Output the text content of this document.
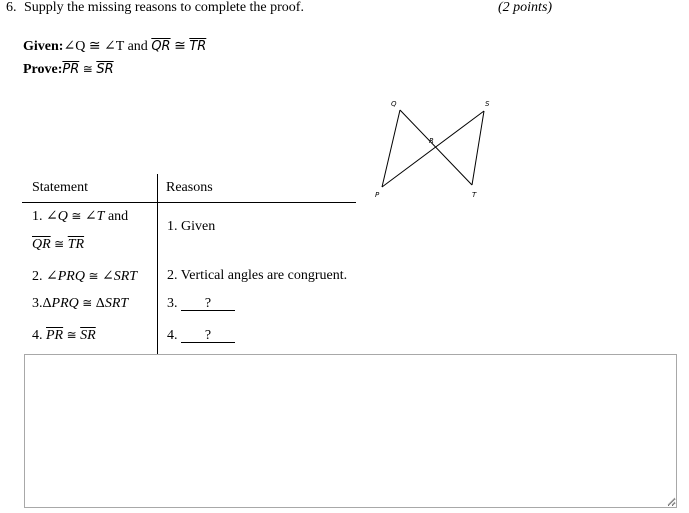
6. Supply the missing reasons to complete the proof.	(2 points)
Given:∠Q ≅ ∠T and $\overline{QR}$ ≅ $\overline{TR}$
$Prove:\overline{PR}$ ≅ $\overline{SR}$
Q	S
R
P	T
Statement	Reasons
1. ∠Q ≅ ∠T and
$\overline{QR}$ ≅ $\overline{TR}$
1. Given
2. ∠PRQ ≅ ∠SRT 2. Vertical angles are congruent.
3.ΔPRQ ≅ ΔSRT	3. ?
4. $\overline{PR}$ ≅ $\overline{SR}$	4. ?
